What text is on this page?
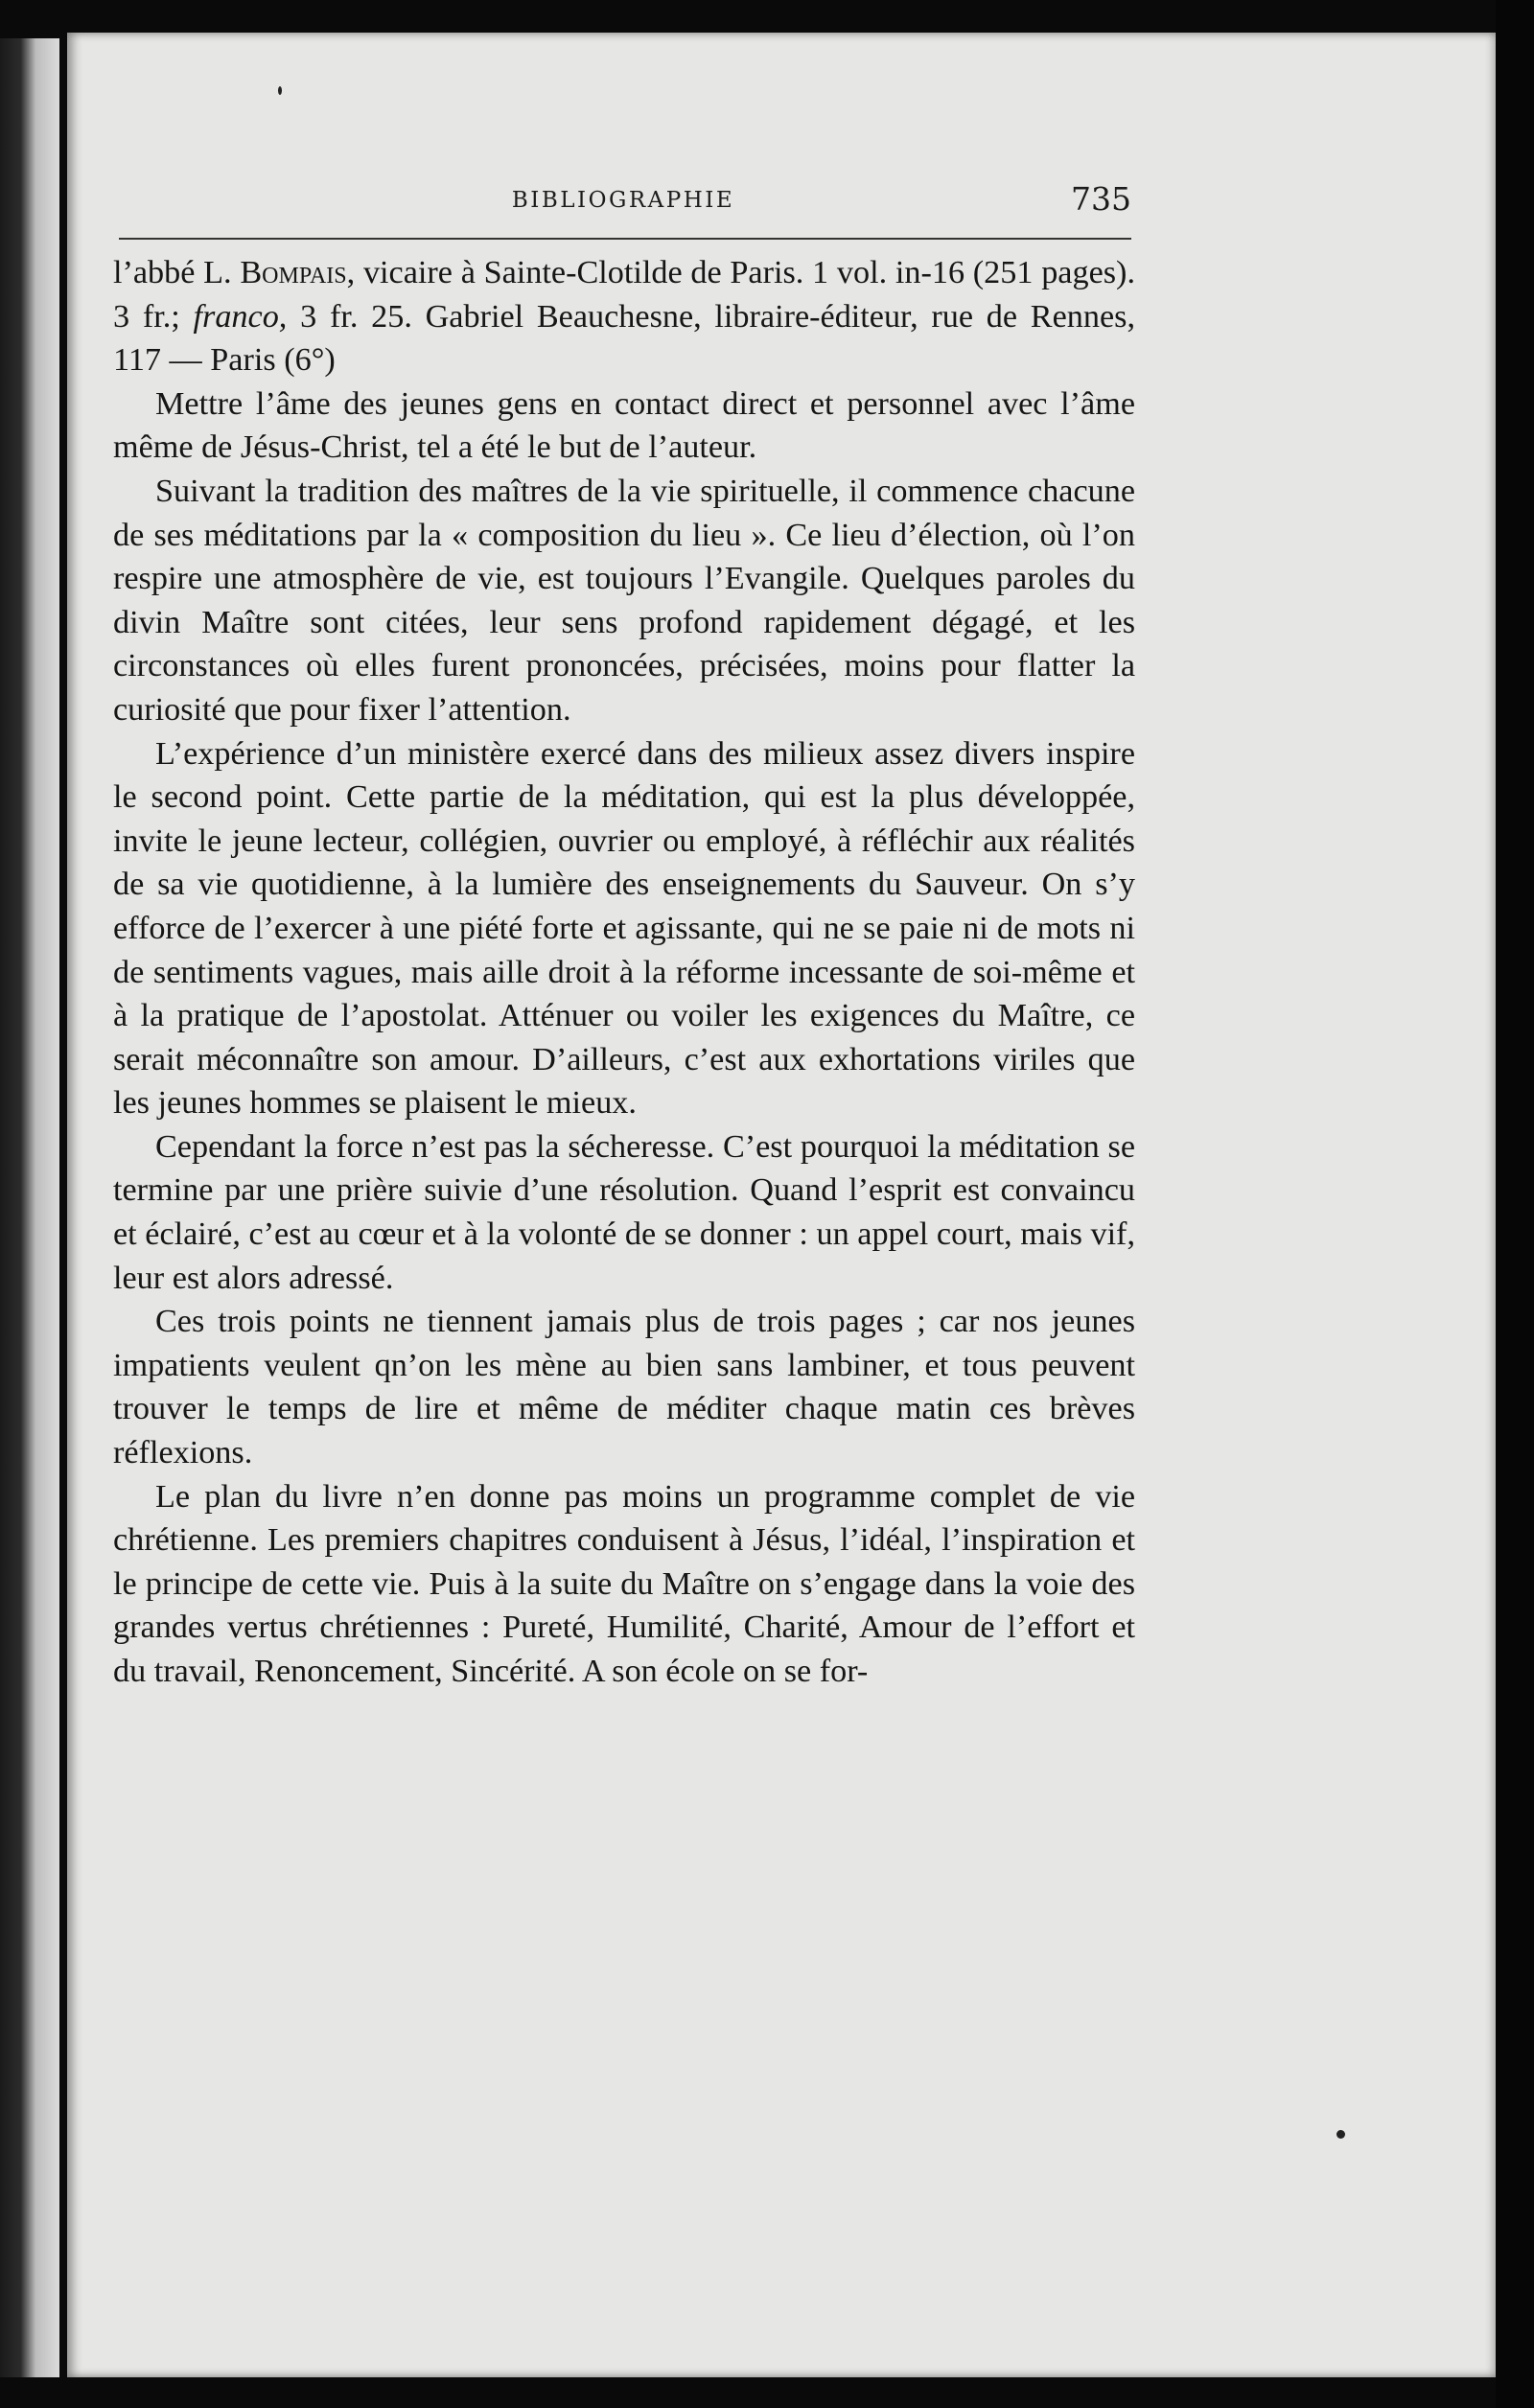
BIBLIOGRAPHIE	735

l’abbé L. Bompais, vicaire à Sainte-Clotilde de Paris. 1 vol. in-16 (251 pages). 3 fr.; franco, 3 fr. 25. Gabriel Beauchesne, libraire-éditeur, rue de Rennes, 117 — Paris (6°)

Mettre l’âme des jeunes gens en contact direct et personnel avec l’âme même de Jésus-Christ, tel a été le but de l’auteur.

Suivant la tradition des maîtres de la vie spirituelle, il commence chacune de ses méditations par la « composition du lieu ». Ce lieu d’élection, où l’on respire une atmosphère de vie, est toujours l’Evangile. Quelques paroles du divin Maître sont citées, leur sens profond rapidement dégagé, et les circonstances où elles furent prononcées, précisées, moins pour flatter la curiosité que pour fixer l’attention.

L’expérience d’un ministère exercé dans des milieux assez divers inspire le second point. Cette partie de la méditation, qui est la plus développée, invite le jeune lecteur, collégien, ouvrier ou employé, à réfléchir aux réalités de sa vie quotidienne, à la lumière des enseignements du Sauveur. On s’y efforce de l’exercer à une piété forte et agissante, qui ne se paie ni de mots ni de sentiments vagues, mais aille droit à la réforme incessante de soi-même et à la pratique de l’apostolat. Atténuer ou voiler les exigences du Maître, ce serait méconnaître son amour. D’ailleurs, c’est aux exhortations viriles que les jeunes hommes se plaisent le mieux.

Cependant la force n’est pas la sécheresse. C’est pourquoi la méditation se termine par une prière suivie d’une résolution. Quand l’esprit est convaincu et éclairé, c’est au cœur et à la volonté de se donner : un appel court, mais vif, leur est alors adressé.

Ces trois points ne tiennent jamais plus de trois pages ; car nos jeunes impatients veulent qn’on les mène au bien sans lambiner, et tous peuvent trouver le temps de lire et même de méditer chaque matin ces brèves réflexions.

Le plan du livre n’en donne pas moins un programme complet de vie chrétienne. Les premiers chapitres conduisent à Jésus, l’idéal, l’inspiration et le principe de cette vie. Puis à la suite du Maître on s’engage dans la voie des grandes vertus chrétiennes : Pureté, Humilité, Charité, Amour de l’effort et du travail, Renoncement, Sincérité. A son école on se for-
